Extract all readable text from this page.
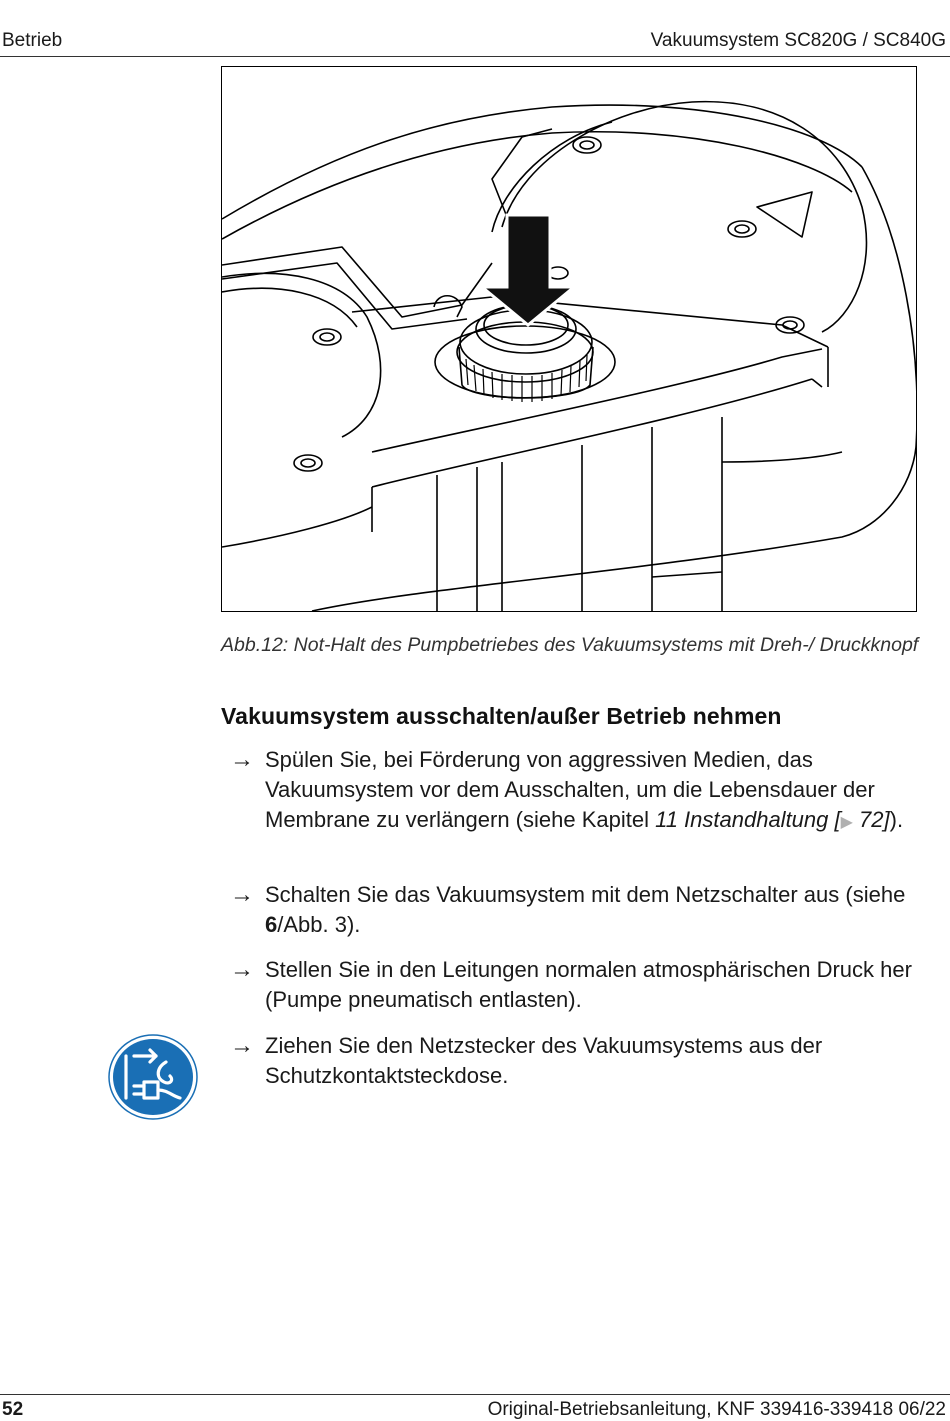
Betrieb	Vakuumsystem SC820G / SC840G
Abb.12: Not-Halt des Pumpbetriebes des Vakuumsystems mit Dreh-/ Druckknopf
Vakuumsystem ausschalten/außer Betrieb nehmen
→ Spülen Sie, bei Förderung von aggressiven Medien, das Vakuumsystem vor dem Ausschalten, um die Lebensdauer der Membrane zu verlängern (siehe Kapitel 11 Instandhaltung [▶ 72]).
→ Schalten Sie das Vakuumsystem mit dem Netzschalter aus (siehe 6/Abb. 3).
→ Stellen Sie in den Leitungen normalen atmosphärischen Druck her (Pumpe pneumatisch entlasten).
→ Ziehen Sie den Netzstecker des Vakuumsystems aus der Schutzkontaktsteckdose.
52	Original-Betriebsanleitung, KNF 339416-339418 06/22
